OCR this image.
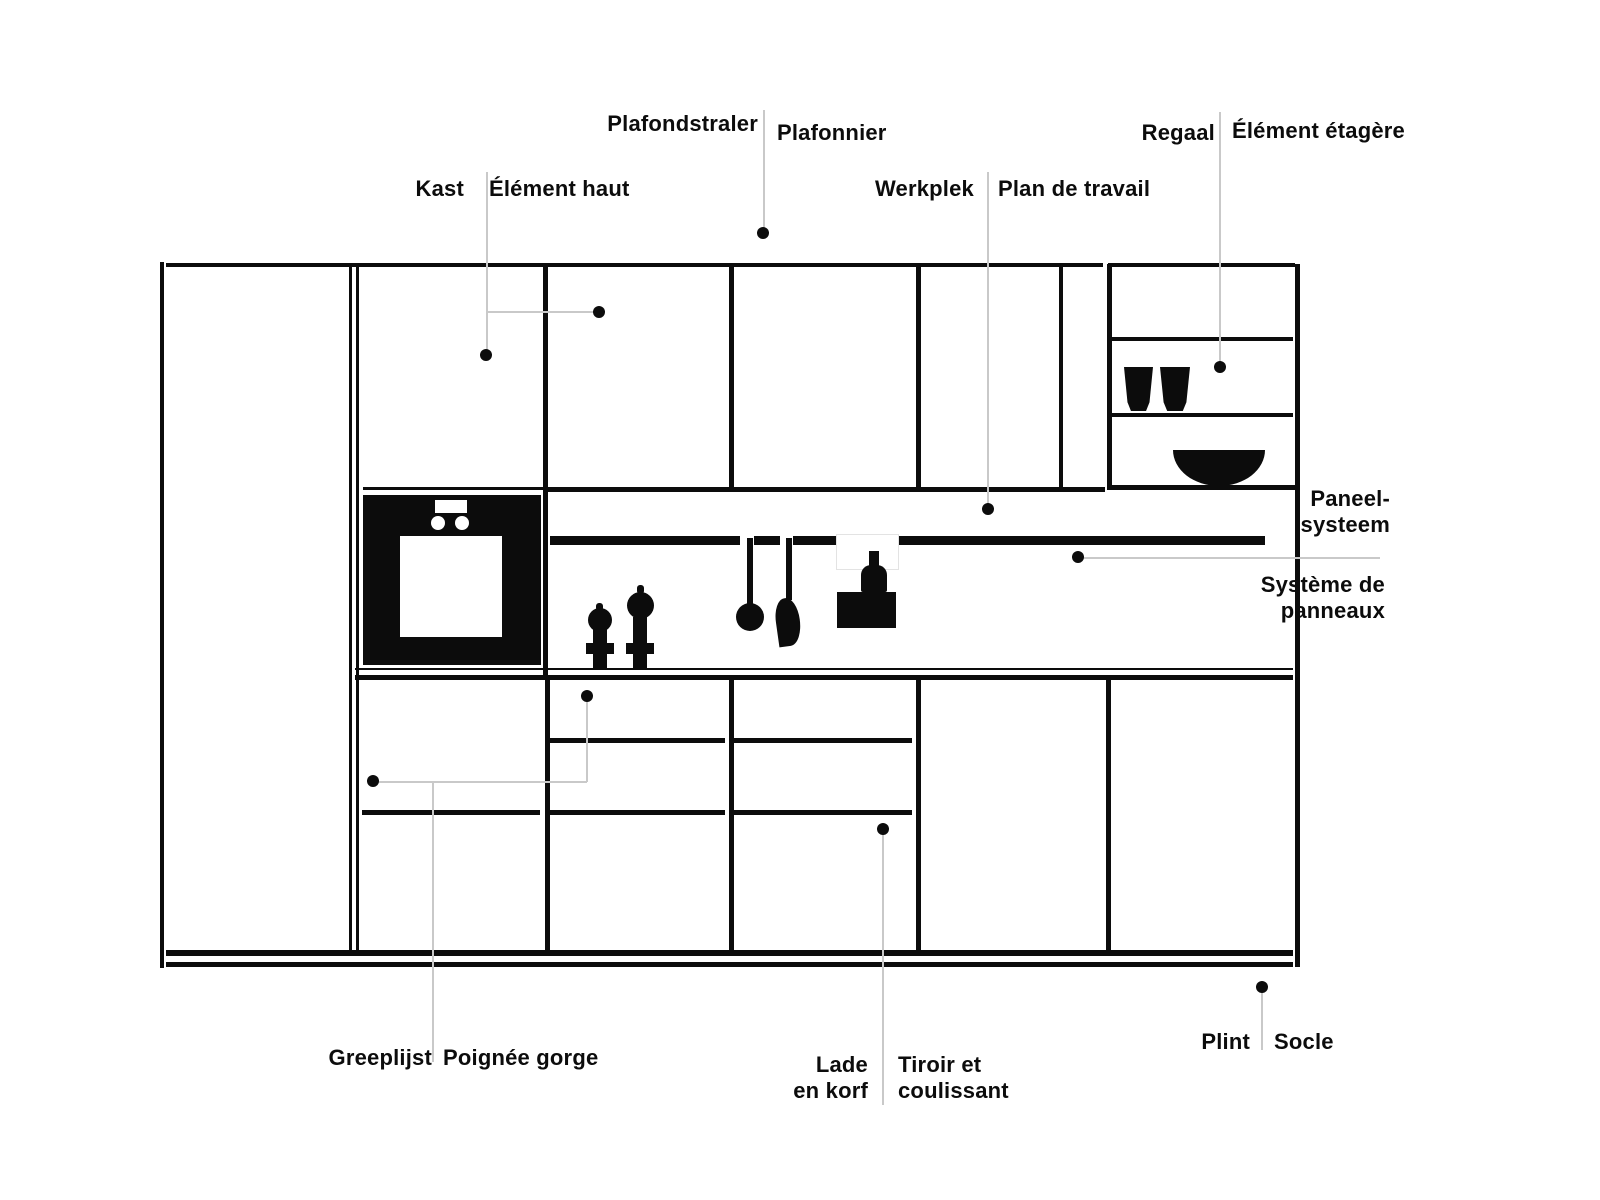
Plafondstraler Plafonnier
Kast Élément haut	Werkplek Plan de travail
Regaal Élément étagère
Paneel-
systeem
Système de
panneaux
Greeplijst Poignée gorge	Lade
en korf
Tiroir et
coulissant
Plint Socle
